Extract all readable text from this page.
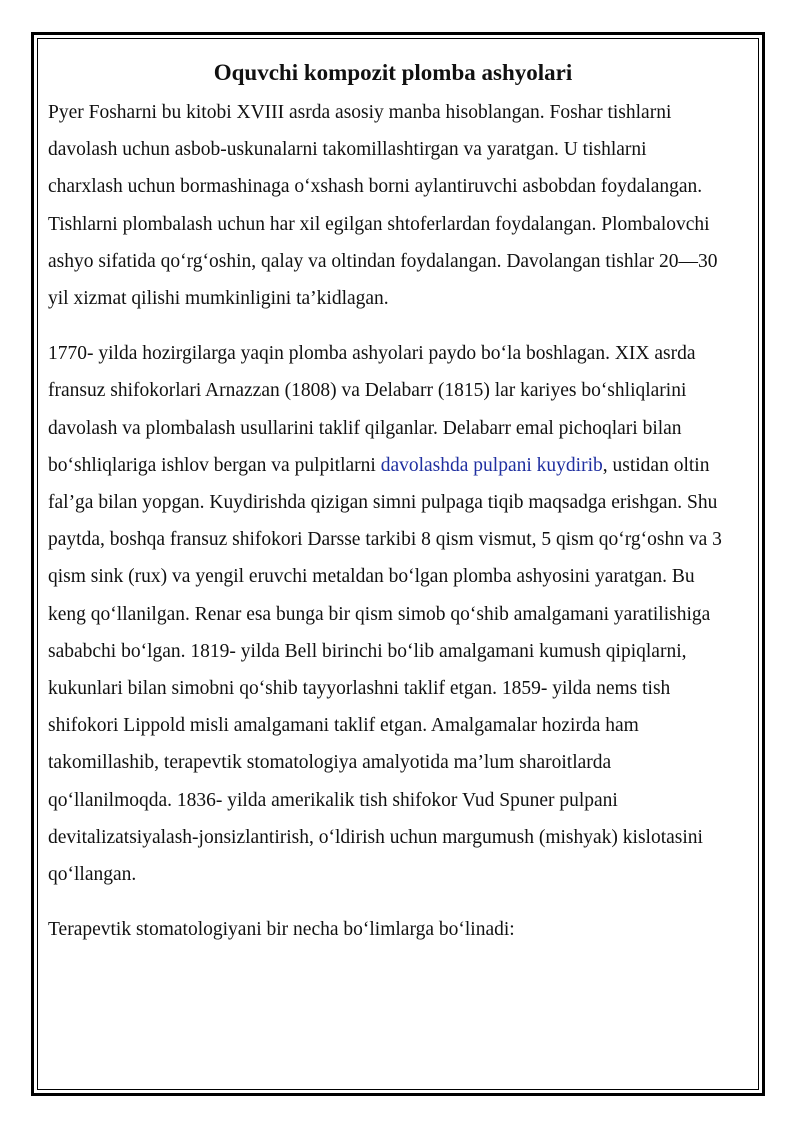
Oquvchi kompozit plomba ashyolari

Pyer Fosharni bu kitobi XVIII asrda asosiy manba hisoblangan. Foshar tishlarni davolash uchun asbob-uskunalarni takomillashtirgan va yaratgan. U tishlarni charxlash uchun bormashinaga o‘xshash borni aylantiruvchi asbobdan foydalangan. Tishlarni plombalash uchun har xil egilgan shtoferlardan foydalangan. Plombalovchi ashyo sifatida qo‘rg‘oshin, qalay va oltindan foydalangan. Davolangan tishlar 20—30 yil xizmat qilishi mumkinligini ta’kidlagan.

1770- yilda hozirgilarga yaqin plomba ashyolari paydo bo‘la boshlagan. XIX asrda fransuz shifokorlari Arnazzan (1808) va Delabarr (1815) lar kariyes bo‘shliqlarini davolash va plombalash usullarini taklif qilganlar. Delabarr emal pichoqlari bilan bo‘shliqlariga ishlov bergan va pulpitlarni davolashda pulpani kuydirib, ustidan oltin fal’ga bilan yopgan. Kuydirishda qizigan simni pulpaga tiqib maqsadga erishgan. Shu paytda, boshqa fransuz shifokori Darsse tarkibi 8 qism vismut, 5 qism qo‘rg‘oshn va 3 qism sink (rux) va yengil eruvchi metaldan bo‘lgan plomba ashyosini yaratgan. Bu keng qo‘llanilgan. Renar esa bunga bir qism simob qo‘shib amalgamani yaratilishiga sababchi bo‘lgan. 1819- yilda Bell birinchi bo‘lib amalgamani kumush qipiqlarni, kukunlari bilan simobni qo‘shib tayyorlashni taklif etgan. 1859- yilda nems tish shifokori Lippold misli amalgamani taklif etgan. Amalgamalar hozirda ham takomillashib, terapevtik stomatologiya amalyotida ma’lum sharoitlarda qo‘llanilmoqda. 1836- yilda amerikalik tish shifokor Vud Spuner pulpani devitalizatsiyalash-jonsizlantirish, o‘ldirish uchun margumush (mishyak) kislotasini qo‘llangan.

Terapevtik stomatologiyani bir necha bo‘limlarga bo‘linadi:
